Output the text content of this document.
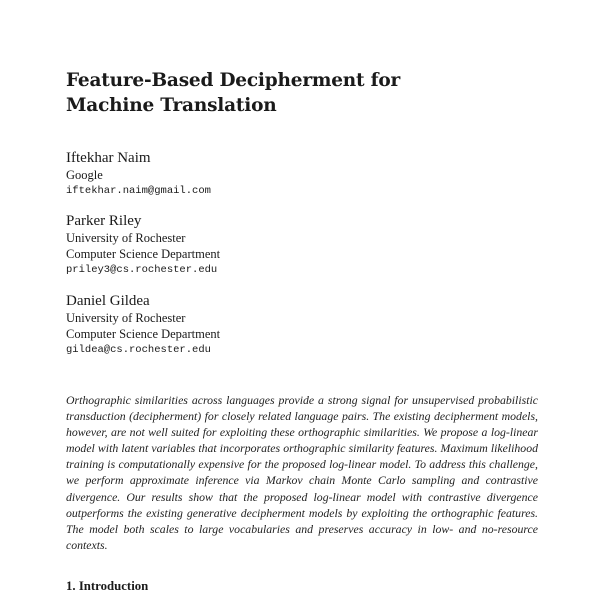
Feature-Based Decipherment for
Machine Translation
Iftekhar Naim
Google
iftekhar.naim@gmail.com
Parker Riley
University of Rochester
Computer Science Department
priley3@cs.rochester.edu
Daniel Gildea
University of Rochester
Computer Science Department
gildea@cs.rochester.edu

Orthographic similarities across languages provide a strong signal for unsupervised probabilistic transduction (decipherment) for closely related language pairs. The existing decipherment models, however, are not well suited for exploiting these orthographic similarities. We propose a log-linear model with latent variables that incorporates orthographic similarity features. Maximum likelihood training is computationally expensive for the proposed log-linear model. To address this challenge, we perform approximate inference via Markov chain Monte Carlo sampling and contrastive divergence. Our results show that the proposed log-linear model with contrastive divergence outperforms the existing generative decipherment models by exploiting the orthographic features. The model both scales to large vocabularies and preserves accuracy in low- and no-resource contexts.

1. Introduction
